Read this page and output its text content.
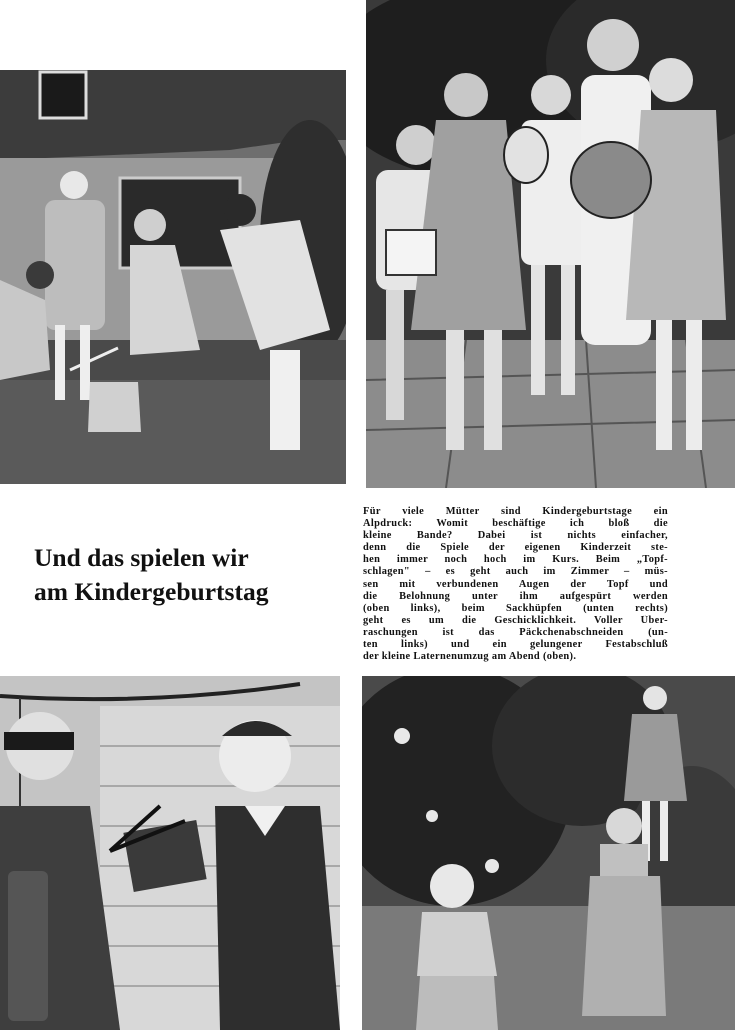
Und das spielen wir
am Kindergeburtstag
Für viele Mütter sind Kindergeburtstage ein
Alpdruck: Womit beschäftige ich bloß die
kleine Bande? Dabei ist nichts einfacher,
denn die Spiele der eigenen Kinderzeit ste-
hen immer noch hoch im Kurs. Beim „Topf-
schlagen" – es geht auch im Zimmer – müs-
sen mit verbundenen Augen der Topf und
die Belohnung unter ihm aufgespürt werden
(oben links), beim Sackhüpfen (unten rechts)
geht es um die Geschicklichkeit. Voller Über-
raschungen ist das Päckchenabschneiden (un-
ten links) und ein gelungener Festabschluß
der kleine Laternenumzug am Abend (oben).
